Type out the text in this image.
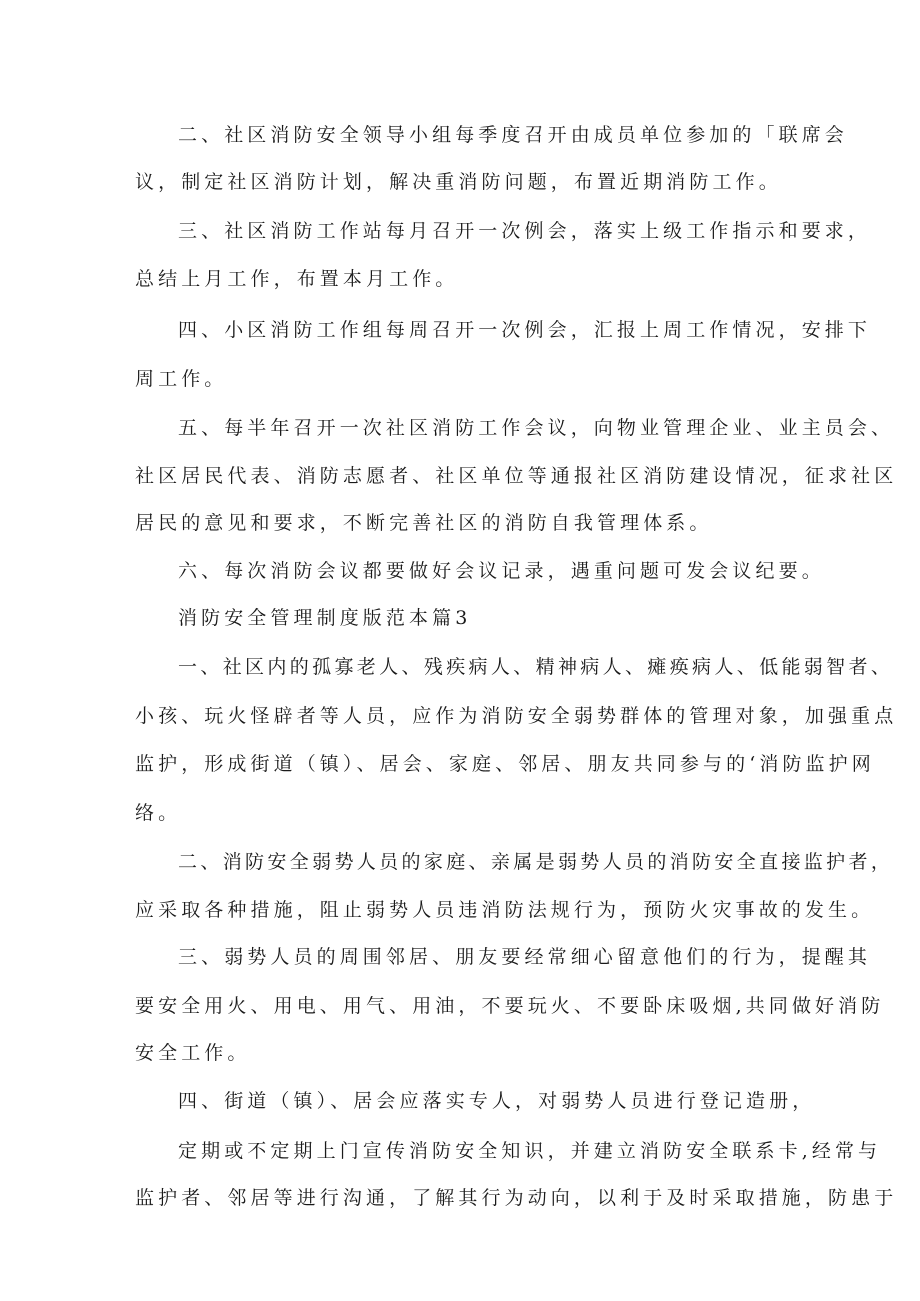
二、社区消防安全领导小组每季度召开由成员单位参加的「联席会
议，制定社区消防计划，解决重消防问题，布置近期消防工作。
三、社区消防工作站每月召开一次例会，落实上级工作指示和要求，
总结上月工作，布置本月工作。
四、小区消防工作组每周召开一次例会，汇报上周工作情况，安排下
周工作。
五、每半年召开一次社区消防工作会议，向物业管理企业、业主员会、
社区居民代表、消防志愿者、社区单位等通报社区消防建设情况，征求社区
居民的意见和要求，不断完善社区的消防自我管理体系。
六、每次消防会议都要做好会议记录，遇重问题可发会议纪要。
消防安全管理制度版范本篇3
一、社区内的孤寡老人、残疾病人、精神病人、瘫痪病人、低能弱智者、
小孩、玩火怪辟者等人员，应作为消防安全弱势群体的管理对象，加强重点
监护，形成街道（镇）、居会、家庭、邻居、朋友共同参与的‘消防监护网
络。
二、消防安全弱势人员的家庭、亲属是弱势人员的消防安全直接监护者，
应采取各种措施，阻止弱势人员违消防法规行为，预防火灾事故的发生。
三、弱势人员的周围邻居、朋友要经常细心留意他们的行为，提醒其
要安全用火、用电、用气、用油，不要玩火、不要卧床吸烟,共同做好消防
安全工作。
四、街道（镇）、居会应落实专人，对弱势人员进行登记造册，
定期或不定期上门宣传消防安全知识，并建立消防安全联系卡,经常与
监护者、邻居等进行沟通，了解其行为动向，以利于及时采取措施，防患于
